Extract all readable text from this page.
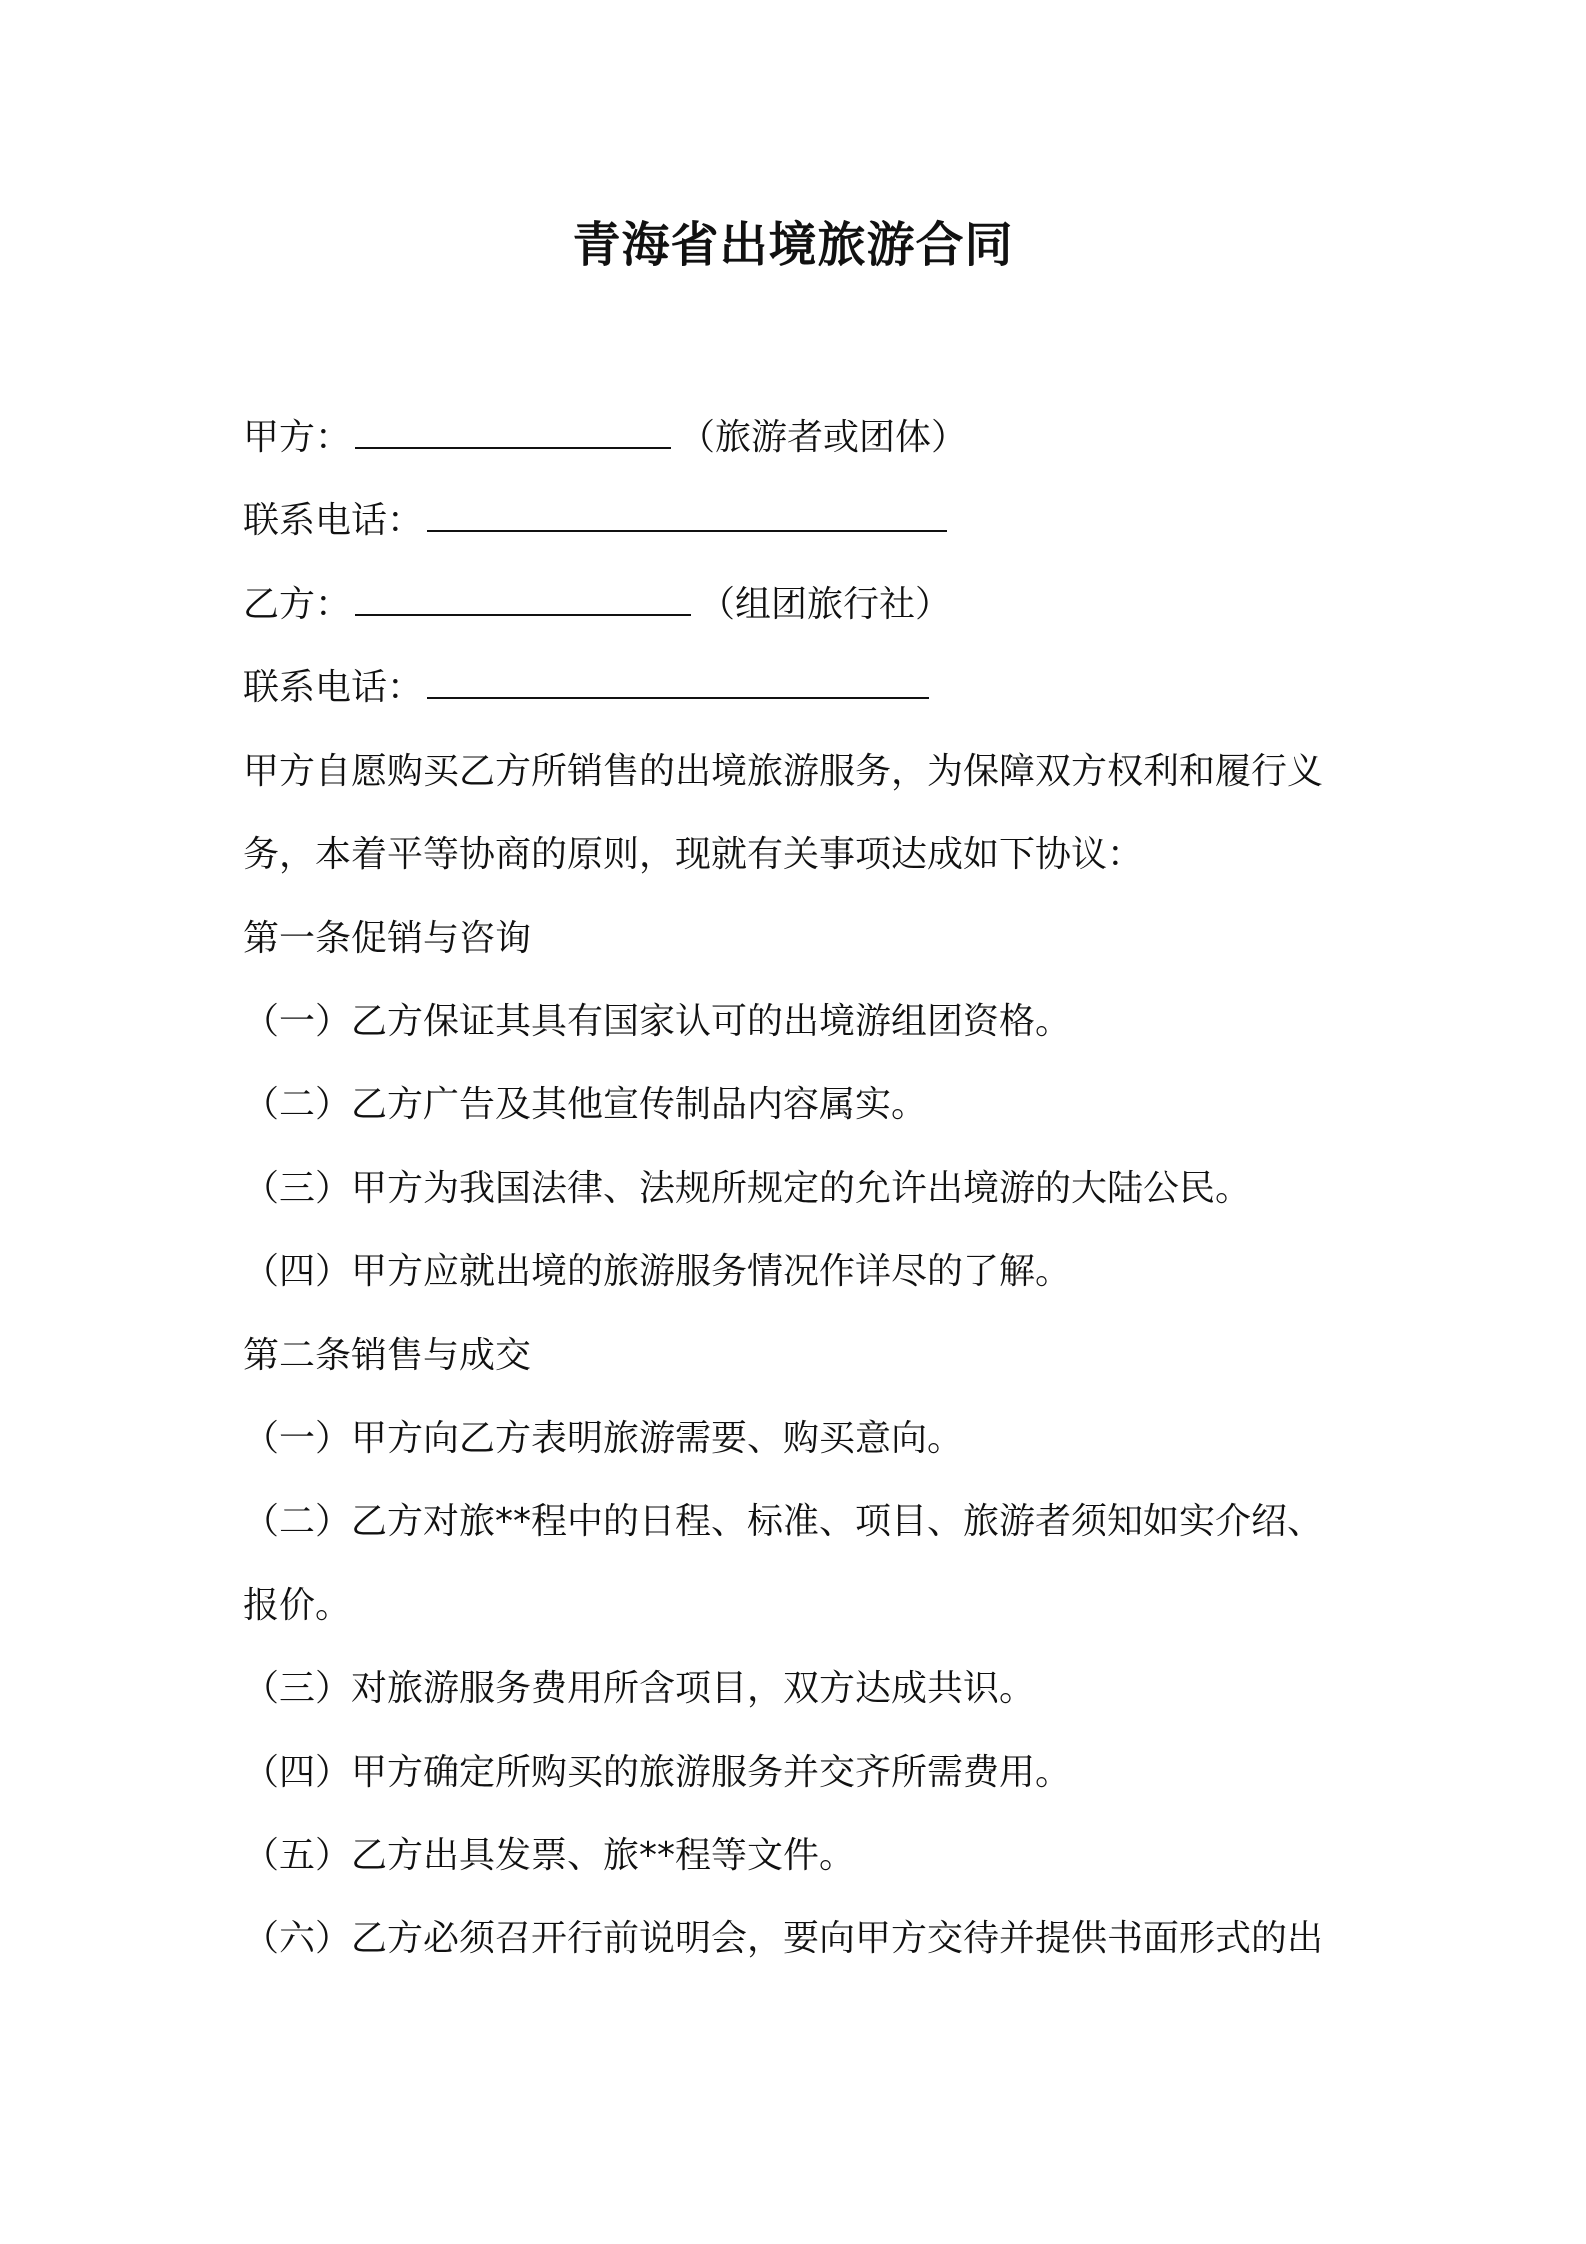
青海省出境旅游合同

甲方：	（旅游者或团体）

联系电话：

乙方：	（组团旅行社）

联系电话：

甲方自愿购买乙方所销售的出境旅游服务，为保障双方权利和履行义

务，本着平等协商的原则，现就有关事项达成如下协议：

第一条促销与咨询

（一）乙方保证其具有国家认可的出境游组团资格。

（二）乙方广告及其他宣传制品内容属实。

（三）甲方为我国法律、法规所规定的允许出境游的大陆公民。

（四）甲方应就出境的旅游服务情况作详尽的了解。

第二条销售与成交

（一）甲方向乙方表明旅游需要、购买意向。

（二）乙方对旅**程中的日程、标准、项目、旅游者须知如实介绍、

报价。

（三）对旅游服务费用所含项目，双方达成共识。

（四）甲方确定所购买的旅游服务并交齐所需费用。

（五）乙方出具发票、旅**程等文件。

（六）乙方必须召开行前说明会，要向甲方交待并提供书面形式的出
